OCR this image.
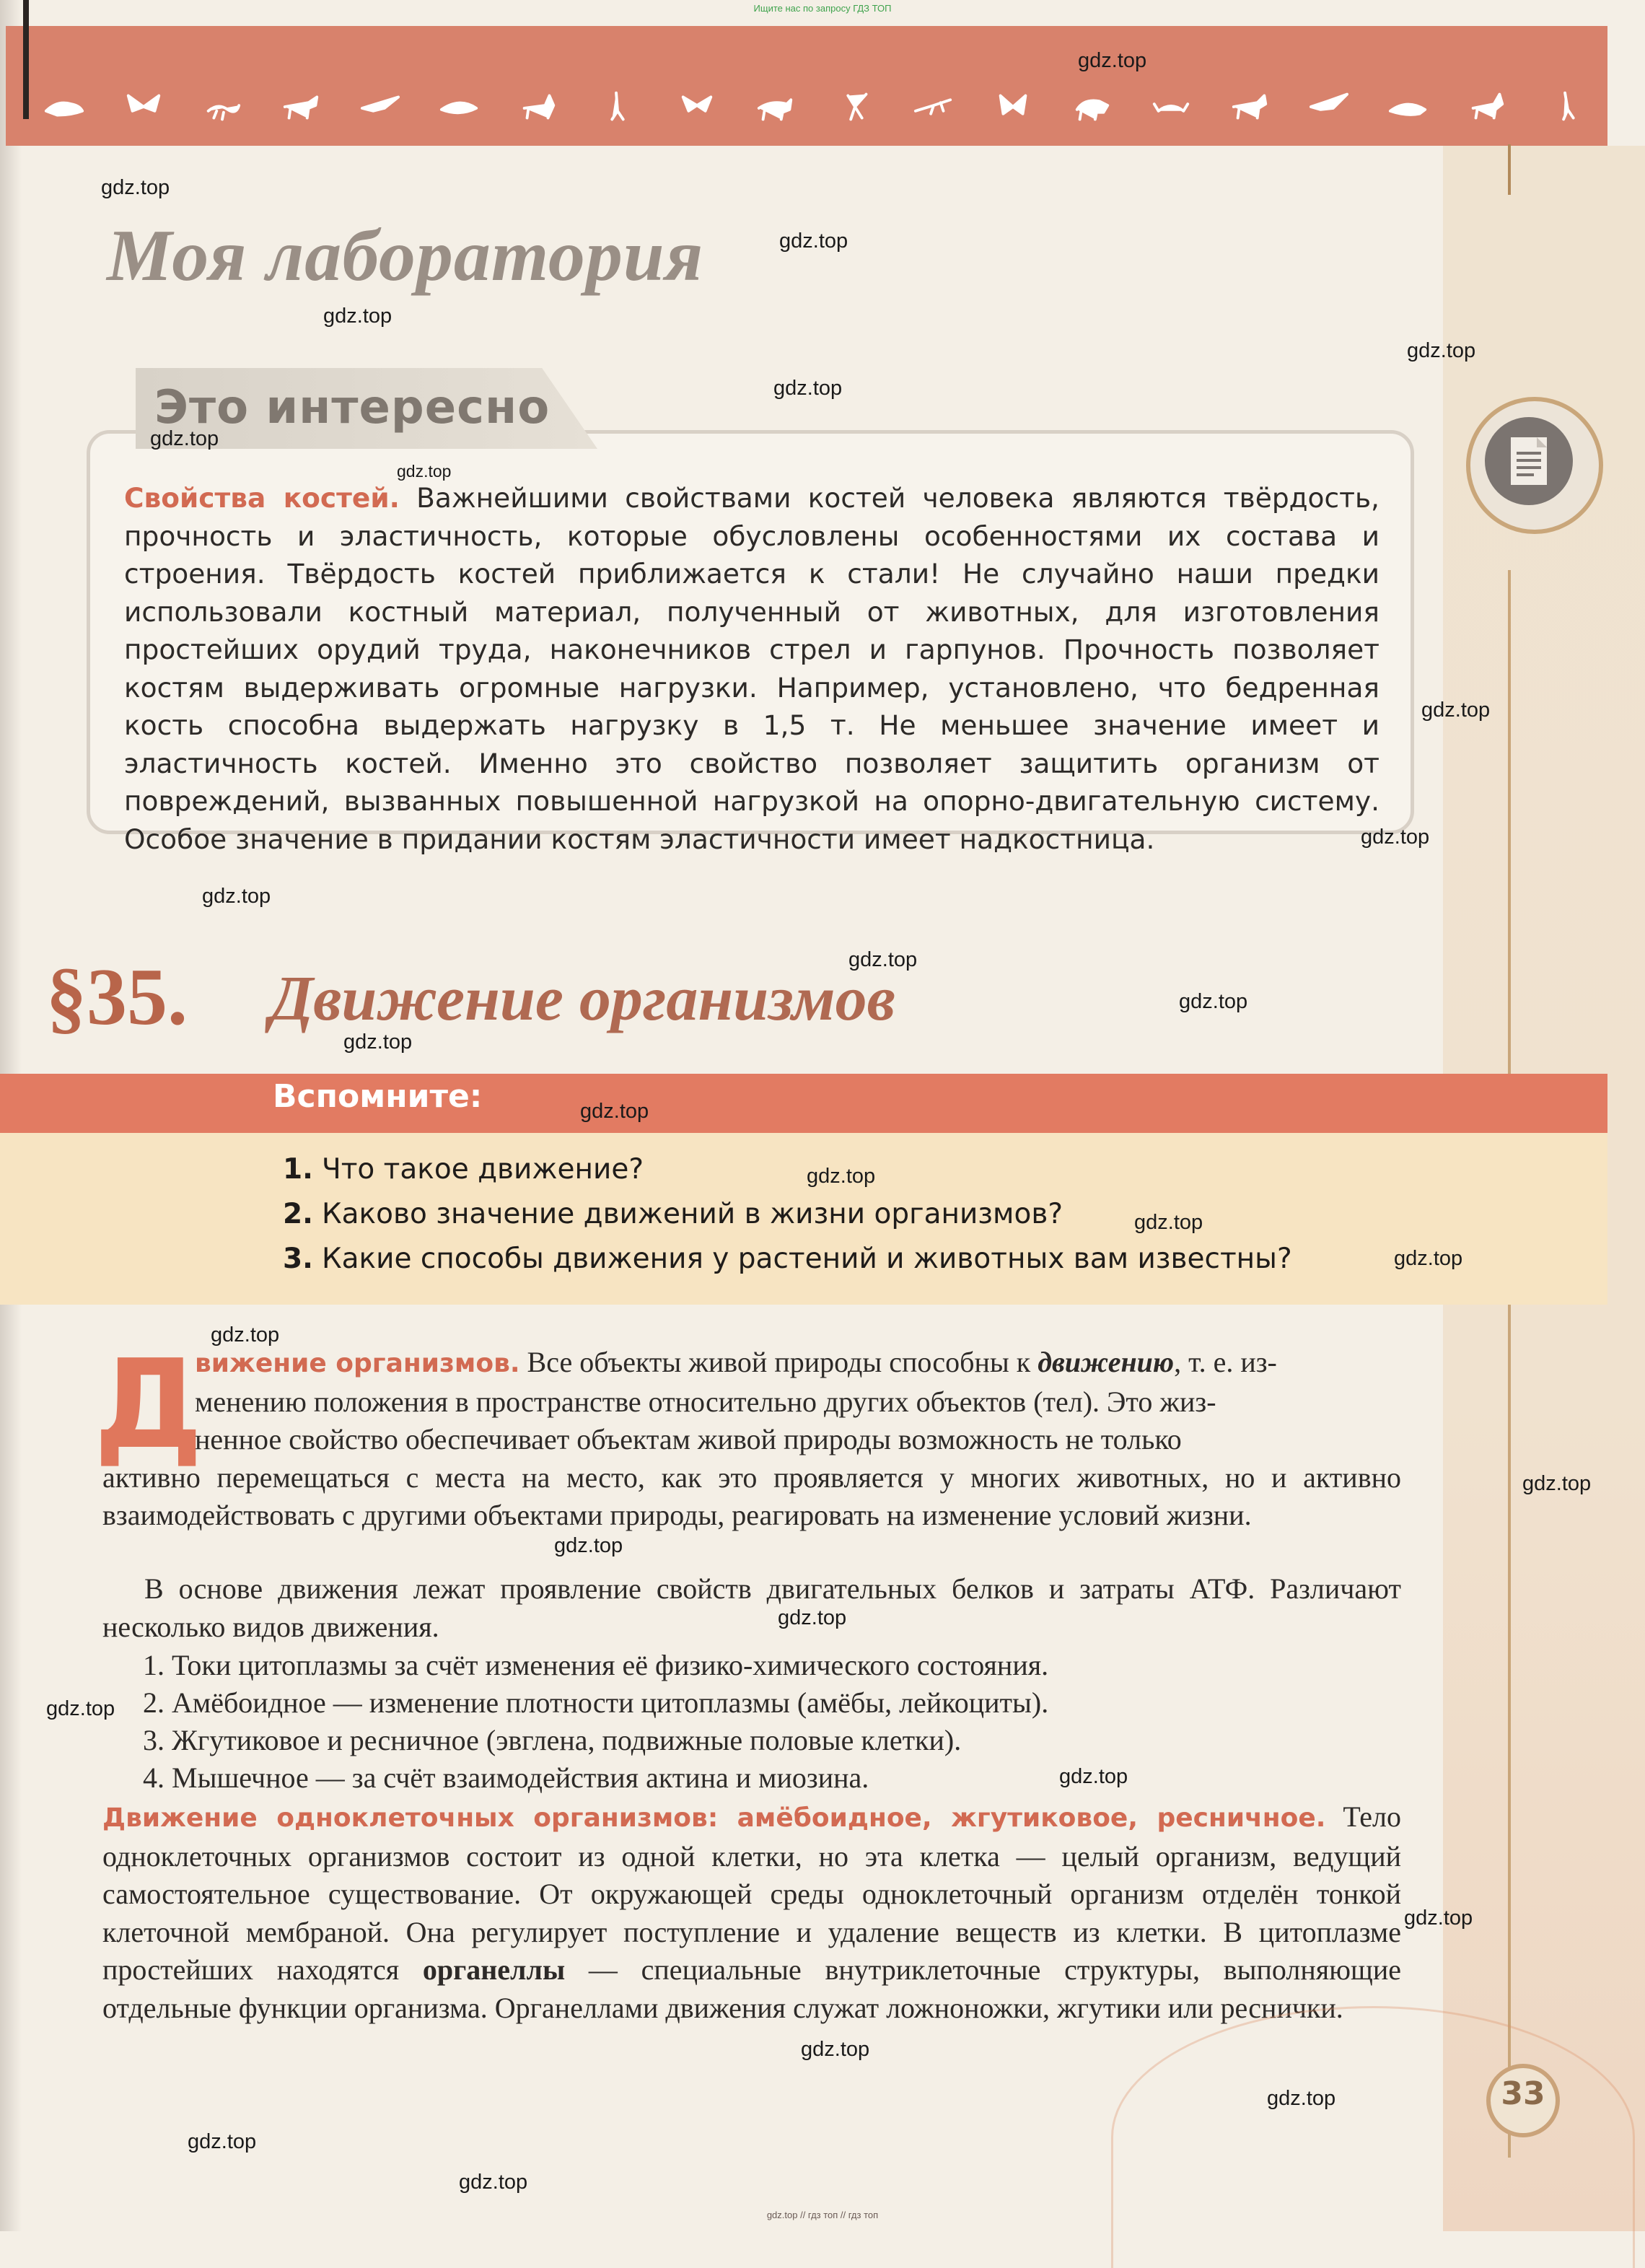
Ищите нас по запросу ГДЗ ТОП
Моя лаборатория
Это интересно
Свойства костей. Важнейшими свойствами костей человека являются твёрдость, прочность и эластичность, которые обусловлены особенностями их состава и строения. Твёрдость костей приближается к стали! Не случайно наши предки использовали костный материал, полученный от животных, для изготовления простейших орудий труда, наконечников стрел и гарпунов. Прочность позволяет костям выдерживать огромные нагрузки. Например, установлено, что бедренная кость способна выдержать нагрузку в 1,5 т. Не меньшее значение имеет и эластичность костей. Именно это свойство позволяет защитить организм от повреждений, вызванных повышенной нагрузкой на опорно-двигательную систему. Особое значение в придании костям эластичности имеет надкостница.
§35. Движение организмов
Вспомните:
1. Что такое движение?
2. Каково значение движений в жизни организмов?
3. Какие способы движения у растений и животных вам известны?
Д
вижение организмов. Все объекты живой природы способны к движению, т. е. из-
менению положения в пространстве относительно других объектов (тел). Это жиз-
ненное свойство обеспечивает объектам живой природы возможность не только
активно перемещаться с места на место, как это проявляется у многих животных, но и активно взаимодействовать с другими объектами природы, реагировать на изменение условий жизни.
В основе движения лежат проявление свойств двигательных белков и затраты АТФ. Различают несколько видов движения.
1. Токи цитоплазмы за счёт изменения её физико-химического состояния.
2. Амёбоидное — изменение плотности цитоплазмы (амёбы, лейкоциты).
3. Жгутиковое и ресничное (эвглена, подвижные половые клетки).
4. Мышечное — за счёт взаимодействия актина и миозина.
Движение одноклеточных организмов: амёбоидное, жгутиковое, ресничное. Тело одноклеточных организмов состоит из одной клетки, но эта клетка — целый организм, ведущий самостоятельное существование. От окружающей среды одноклеточный организм отделён тонкой клеточной мембраной. Она регулирует поступление и удаление веществ из клетки. В цитоплазме простейших находятся органеллы — специальные внутриклеточные структуры, выполняющие отдельные функции организма. Органеллами движения служат ложноножки, жгутики или реснички.
33
gdz.top
gdz.top
gdz.top
gdz.top
gdz.top
gdz.top
gdz.top
gdz.top
gdz.top
gdz.top
gdz.top
gdz.top
gdz.top
gdz.top
gdz.top
gdz.top
gdz.top
gdz.top
gdz.top
gdz.top
gdz.top
gdz.top
gdz.top
gdz.top
gdz.top
gdz.top
gdz.top
gdz.top
gdz.top
gdz.top // гдз топ // гдз топ
